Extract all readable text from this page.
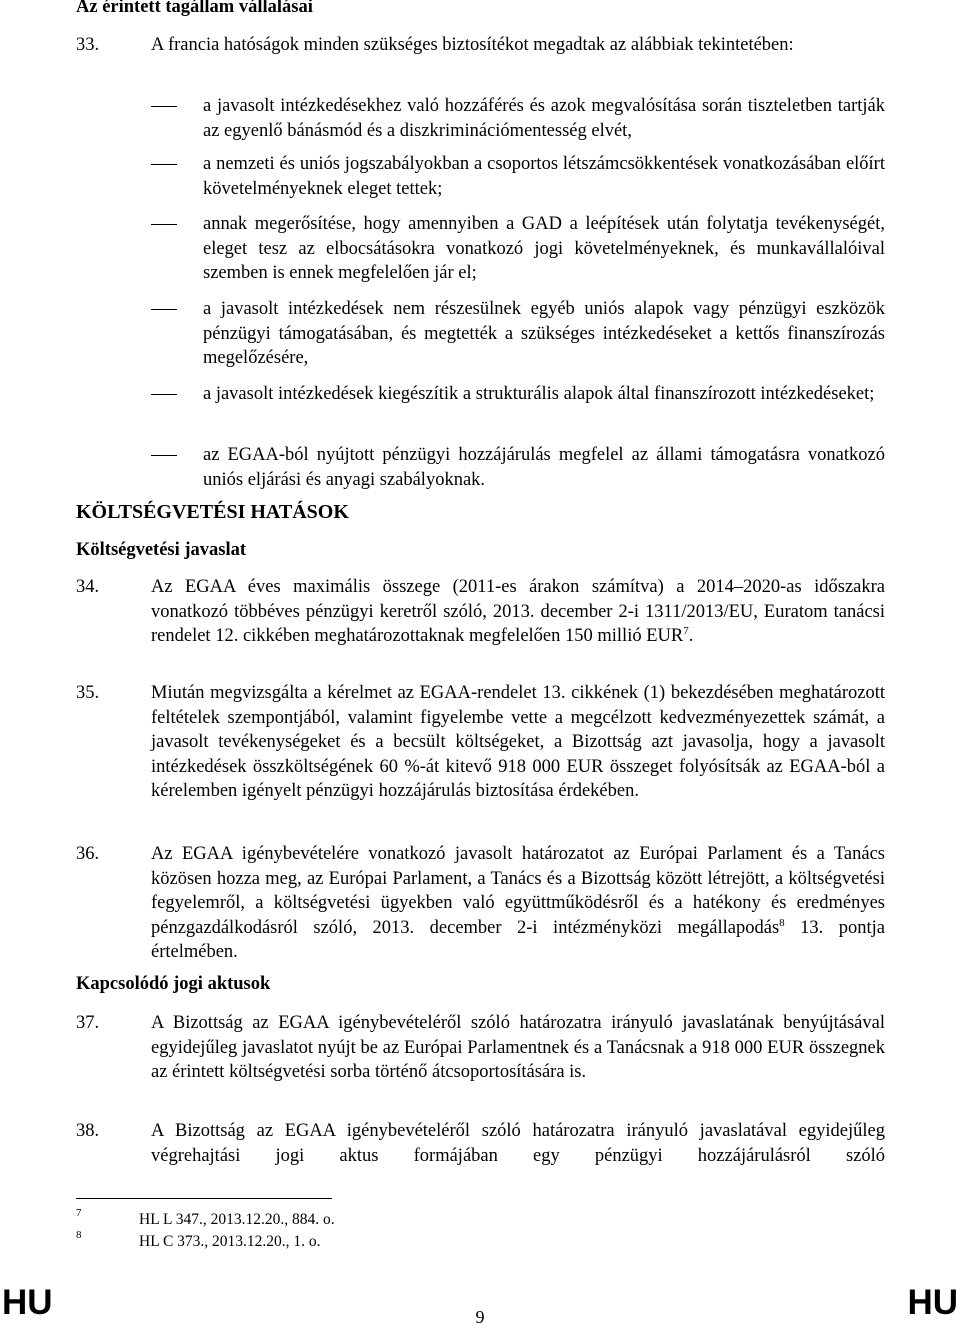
Az érintett tagállam vállalásai
33.	A francia hatóságok minden szükséges biztosítékot megadtak az alábbiak tekintetében:
a javasolt intézkedésekhez való hozzáférés és azok megvalósítása során tiszteletben tartják az egyenlő bánásmód és a diszkriminációmentesség elvét,
a nemzeti és uniós jogszabályokban a csoportos létszámcsökkentések vonatkozásában előírt követelményeknek eleget tettek;
annak megerősítése, hogy amennyiben a GAD a leépítések után folytatja tevékenységét, eleget tesz az elbocsátásokra vonatkozó jogi követelményeknek, és munkavállalóival szemben is ennek megfelelően jár el;
a javasolt intézkedések nem részesülnek egyéb uniós alapok vagy pénzügyi eszközök pénzügyi támogatásában, és megtették a szükséges intézkedéseket a kettős finanszírozás megelőzésére,
a javasolt intézkedések kiegészítik a strukturális alapok által finanszírozott intézkedéseket;
az EGAA-ból nyújtott pénzügyi hozzájárulás megfelel az állami támogatásra vonatkozó uniós eljárási és anyagi szabályoknak.
KÖLTSÉGVETÉSI HATÁSOK
Költségvetési javaslat
34.	Az EGAA éves maximális összege (2011-es árakon számítva) a 2014–2020-as időszakra vonatkozó többéves pénzügyi keretről szóló, 2013. december 2-i 1311/2013/EU, Euratom tanácsi rendelet 12. cikkében meghatározottaknak megfelelően 150 millió EUR$^7$.
35.	Miután megvizsgálta a kérelmet az EGAA-rendelet 13. cikkének (1) bekezdésében meghatározott feltételek szempontjából, valamint figyelembe vette a megcélzott kedvezményezettek számát, a javasolt tevékenységeket és a becsült költségeket, a Bizottság azt javasolja, hogy a javasolt intézkedések összköltségének 60 %-át kitevő 918 000 EUR összeget folyósítsák az EGAA-ból a kérelemben igényelt pénzügyi hozzájárulás biztosítása érdekében.
36.	Az EGAA igénybevételére vonatkozó javasolt határozatot az Európai Parlament és a Tanács közösen hozza meg, az Európai Parlament, a Tanács és a Bizottság között létrejött, a költségvetési fegyelemről, a költségvetési ügyekben való együttműködésről és a hatékony és eredményes pénzgazdálkodásról szóló, 2013. december 2-i intézményközi megállapodás$^8$ 13. pontja értelmében.
Kapcsolódó jogi aktusok
37.	A Bizottság az EGAA igénybevételéről szóló határozatra irányuló javaslatának benyújtásával egyidejűleg javaslatot nyújt be az Európai Parlamentnek és a Tanácsnak a 918 000 EUR összegnek az érintett költségvetési sorba történő átcsoportosítására is.
38.	A Bizottság az EGAA igénybevételéről szóló határozatra irányuló javaslatával egyidejűleg végrehajtási jogi aktus formájában egy pénzügyi hozzájárulásról szóló
7	HL L 347., 2013.12.20., 884. o.
8	HL C 373., 2013.12.20., 1. o.
HU	9	HU
